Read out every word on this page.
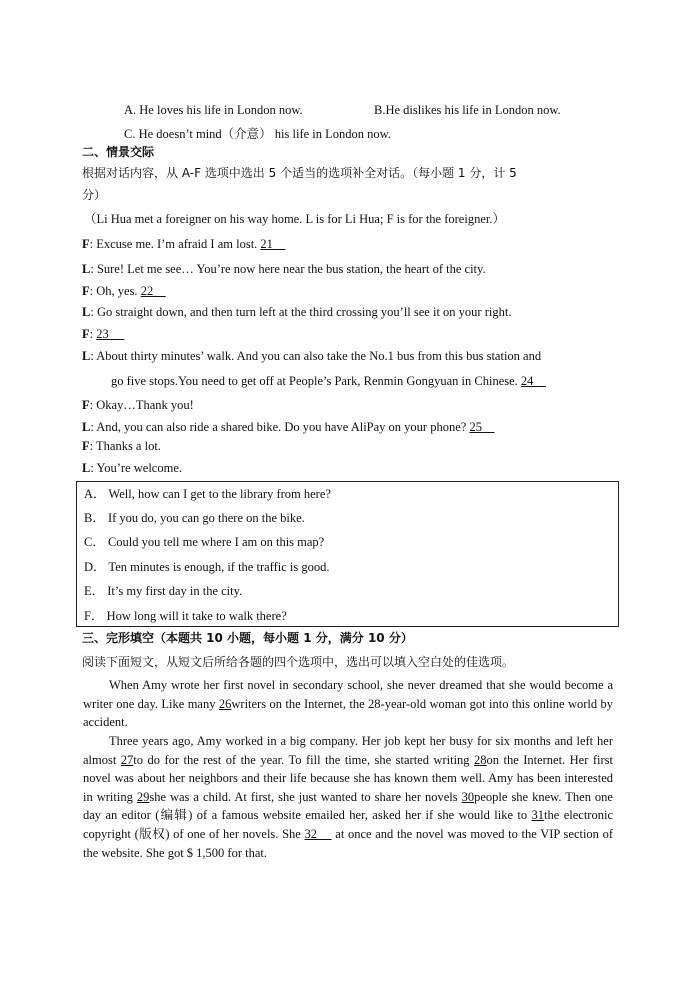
A. He loves his life in London now.	B.He dislikes his life in London now.
C. He doesn’t mind（介意） his life in London now.
二、情景交际
根据对话内容，从 A-F 选项中选出 5 个适当的选项补全对话。（每小题 1 分，计 5
分）
（Li Hua met a foreigner on his way home. L is for Li Hua; F is for the foreigner.）
F: Excuse me. I’m afraid I am lost. 21
L: Sure! Let me see… You’re now here near the bus station, the heart of the city.
F: Oh, yes. 22
L: Go straight down, and then turn left at the third crossing you’ll see it on your right.
F: 23
L: About thirty minutes’ walk. And you can also take the No.1 bus from this bus station and
go five stops.You need to get off at People’s Park, Renmin Gongyuan in Chinese. 24
F: Okay…Thank you!
L: And, you can also ride a shared bike. Do you have AliPay on your phone? 25
F: Thanks a lot.
L: You’re welcome.
A． Well, how can I get to the library from here?
B． If you do, you can go there on the bike.
C． Could you tell me where I am on this map?
D． Ten minutes is enough, if the traffic is good.
E． It’s my first day in the city.
F． How long will it take to walk there?
三、完形填空（本题共 10 小题，每小题 1 分，满分 10 分）
阅读下面短文，从短文后所给各题的四个选项中，选出可以填入空白处的佳选项。
When Amy wrote her first novel in secondary school, she never dreamed that she would become a writer one day. Like many 26writers on the Internet, the 28-year-old woman got into this online world by accident.
Three years ago, Amy worked in a big company. Her job kept her busy for six months and left her almost 27to do for the rest of the year. To fill the time, she started writing 28on the Internet. Her first novel was about her neighbors and their life because she has known them well. Amy has been interested in writing 29she was a child. At first, she just wanted to share her novels 30people she knew. Then one day an editor (编辑) of a famous website emailed her, asked her if she would like to 31the electronic copyright (版权) of one of her novels. She 32     at once and the novel was moved to the VIP section of the website. She got $ 1,500 for that.
